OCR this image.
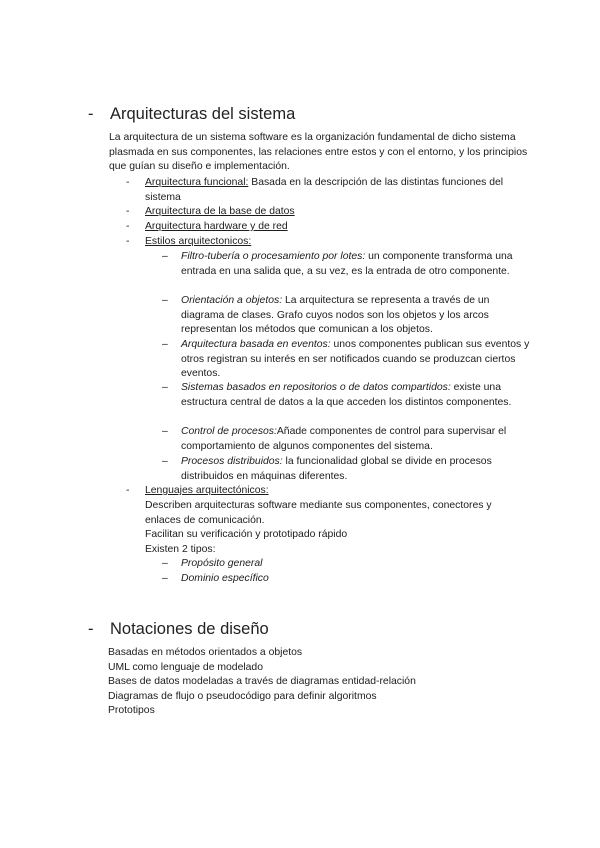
- Arquitecturas del sistema
La arquitectura de un sistema software es la organización fundamental de dicho sistema plasmada en sus componentes, las relaciones entre estos y con el entorno, y los principios que guían su diseño e implementación.
- Arquitectura funcional: Basada en la descripción de las distintas funciones del sistema
- Arquitectura de la base de datos
- Arquitectura hardware y de red
- Estilos arquitectonicos:
– Filtro-tubería o procesamiento por lotes: un componente transforma una entrada en una salida que, a su vez, es la entrada de otro componente.
– Orientación a objetos: La arquitectura se representa a través de un diagrama de clases. Grafo cuyos nodos son los objetos y los arcos representan los métodos que comunican a los objetos.
– Arquitectura basada en eventos: unos componentes publican sus eventos y otros registran su interés en ser notificados cuando se produzcan ciertos eventos.
– Sistemas basados en repositorios o de datos compartidos: existe una estructura central de datos a la que acceden los distintos componentes.
– Control de procesos:Añade componentes de control para supervisar el comportamiento de algunos componentes del sistema.
– Procesos distribuidos: la funcionalidad global se divide en procesos distribuidos en máquinas diferentes.
- Lenguajes arquitectónicos:
Describen arquitecturas software mediante sus componentes, conectores y enlaces de comunicación.
Facilitan su verificación y prototipado rápido
Existen 2 tipos:
– Propósito general
– Dominio específico
- Notaciones de diseño
Basadas en métodos orientados a objetos
UML como lenguaje de modelado
Bases de datos modeladas a través de diagramas entidad-relación
Diagramas de flujo o pseudocódigo para definir algoritmos
Prototipos
